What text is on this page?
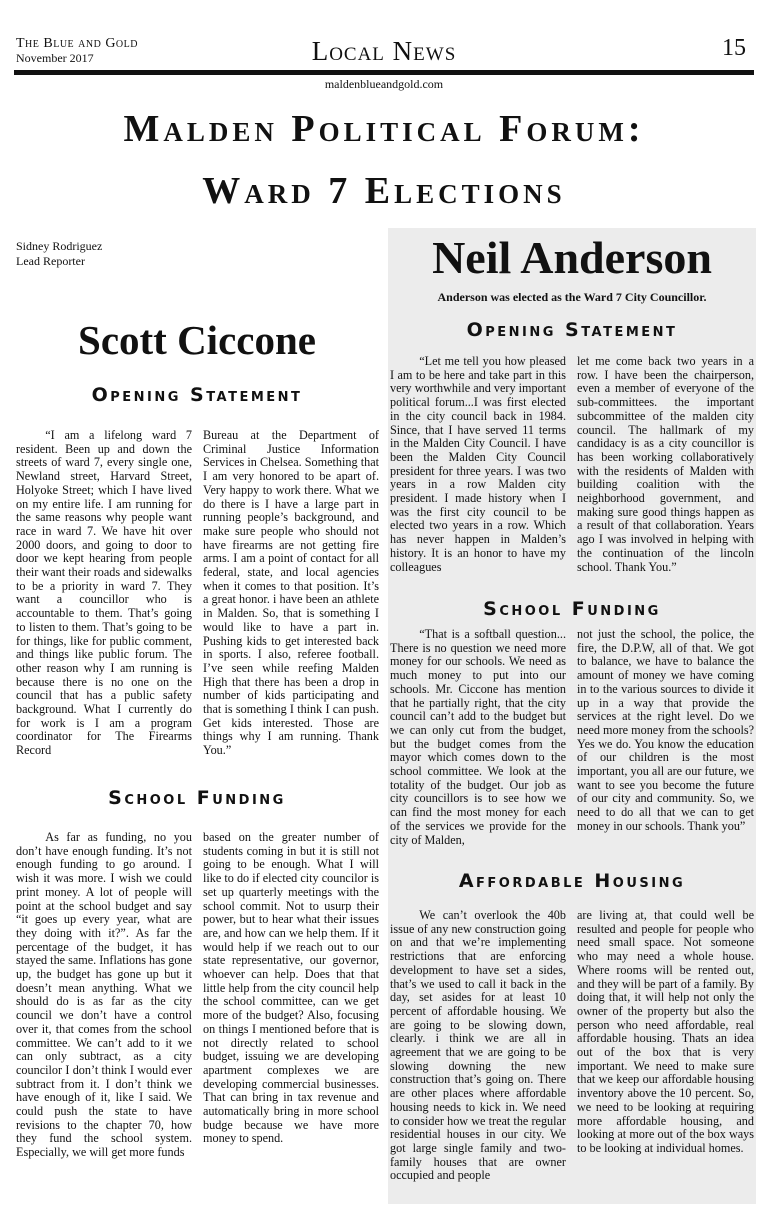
The Blue and Gold
November 2017	Local News	15
maldenblueandgold.com
Malden Political Forum:
Ward 7 Elections
Sidney Rodriguez
Lead Reporter
Scott Ciccone
Opening Statement

“I am a lifelong ward 7 resident. Been up and down the streets of ward 7, every single one, Newland street, Harvard Street, Holyoke Street; which I have lived on my entire life. I am running for the same reasons why people want race in ward 7. We have hit over 2000 doors, and going to door to door we kept hearing from people their want their roads and sidewalks to be a priority in ward 7. They want a councillor who is accountable to them. That’s going to listen to them. That’s going to be for things, like for public comment, and things like public forum. The other reason why I am running is because there is no one on the council that has a public safety background. What I currently do for work is I am a program coordinator for The Firearms Record

Bureau at the Department of Criminal Justice Information Services in Chelsea. Something that I am very honored to be apart of. Very happy to work there. What we do there is I have a large part in running people’s background, and make sure people who should not have firearms are not getting fire arms. I am a point of contact for all federal, state, and local agencies when it comes to that position. It’s a great honor. i have been an athlete in Malden. So, that is something I would like to have a part in. Pushing kids to get interested back in sports. I also, referee football. I’ve seen while reefing Malden High that there has been a drop in number of kids participating and that is something I think I can push. Get kids interested. Those are things why I am running. Thank You.”

School Funding

As far as funding, no you don’t have enough funding. It’s not enough funding to go around. I wish it was more. I wish we could print money. A lot of people will point at the school budget and say “it goes up every year, what are they doing with it?”. As far the percentage of the budget, it has stayed the same. Inflations has gone up, the budget has gone up but it doesn’t mean anything. What we should do is as far as the city council we don’t have a control over it, that comes from the school committee. We can’t add to it we can only subtract, as a city councilor I don’t think I would ever subtract from it. I don’t think we have enough of it, like I said. We could push the state to have revisions to the chapter 70, how they fund the school system. Especially, we will get more funds

based on the greater number of students coming in but it is still not going to be enough. What I will like to do if elected city councilor is set up quarterly meetings with the school commit. Not to usurp their power, but to hear what their issues are, and how can we help them. If it would help if we reach out to our state representative, our governor, whoever can help. Does that that little help from the city council help the school committee, can we get more of the budget? Also, focusing on things I mentioned before that is not directly related to school budget, issuing we are developing apartment complexes we are developing commercial businesses. That can bring in tax revenue and automatically bring in more school budge because we have more money to spend.

Neil Anderson
Anderson was elected as the Ward 7 City Councillor.
Opening Statement

“Let me tell you how pleased I am to be here and take part in this very worthwhile and very important political forum...I was first elected in the city council back in 1984. Since, that I have served 11 terms in the Malden City Council. I have been the Malden City Council president for three years. I was two years in a row Malden city president. I made history when I was the first city council to be elected two years in a row. Which has never happen in Malden’s history. It is an honor to have my colleagues

let me come back two years in a row. I have been the chairperson, even a member of everyone of the sub-committees. the important subcommittee of the malden city council. The hallmark of my candidacy is as a city councillor is has been working collaboratively with the residents of Malden with building coalition with the neighborhood government, and making sure good things happen as a result of that collaboration. Years ago I was involved in helping with the continuation of the lincoln school. Thank You.”

School Funding

“That is a softball question... There is no question we need more money for our schools. We need as much money to put into our schools. Mr. Ciccone has mention that he partially right, that the city council can’t add to the budget but we can only cut from the budget, but the budget comes from the mayor which comes down to the school committee. We look at the totality of the budget. Our job as city councillors is to see how we can find the most money for each of the services we provide for the city of Malden,

not just the school, the police, the fire, the D.P.W, all of that. We got to balance, we have to balance the amount of money we have coming in to the various sources to divide it up in a way that provide the services at the right level. Do we need more money from the schools? Yes we do. You know the education of our children is the most important, you all are our future, we want to see you become the future of our city and community. So, we need to do all that we can to get money in our schools. Thank you”

Affordable Housing

We can’t overlook the 40b issue of any new construction going on and that we’re implementing restrictions that are enforcing development to have set a sides, that’s we used to call it back in the day, set asides for at least 10 percent of affordable housing. We are going to be slowing down, clearly. i think we are all in agreement that we are going to be slowing downing the new construction that’s going on. There are other places where affordable housing needs to kick in. We need to consider how we treat the regular residential houses in our city. We got large single family and two-family houses that are owner occupied and people

are living at, that could well be resulted and people for people who need small space. Not someone who may need a whole house. Where rooms will be rented out, and they will be part of a family. By doing that, it will help not only the owner of the property but also the person who need affordable, real affordable housing. Thats an idea out of the box that is very important. We need to make sure that we keep our affordable housing inventory above the 10 percent. So, we need to be looking at requiring more affordable housing, and looking at more out of the box ways to be looking at individual homes.
